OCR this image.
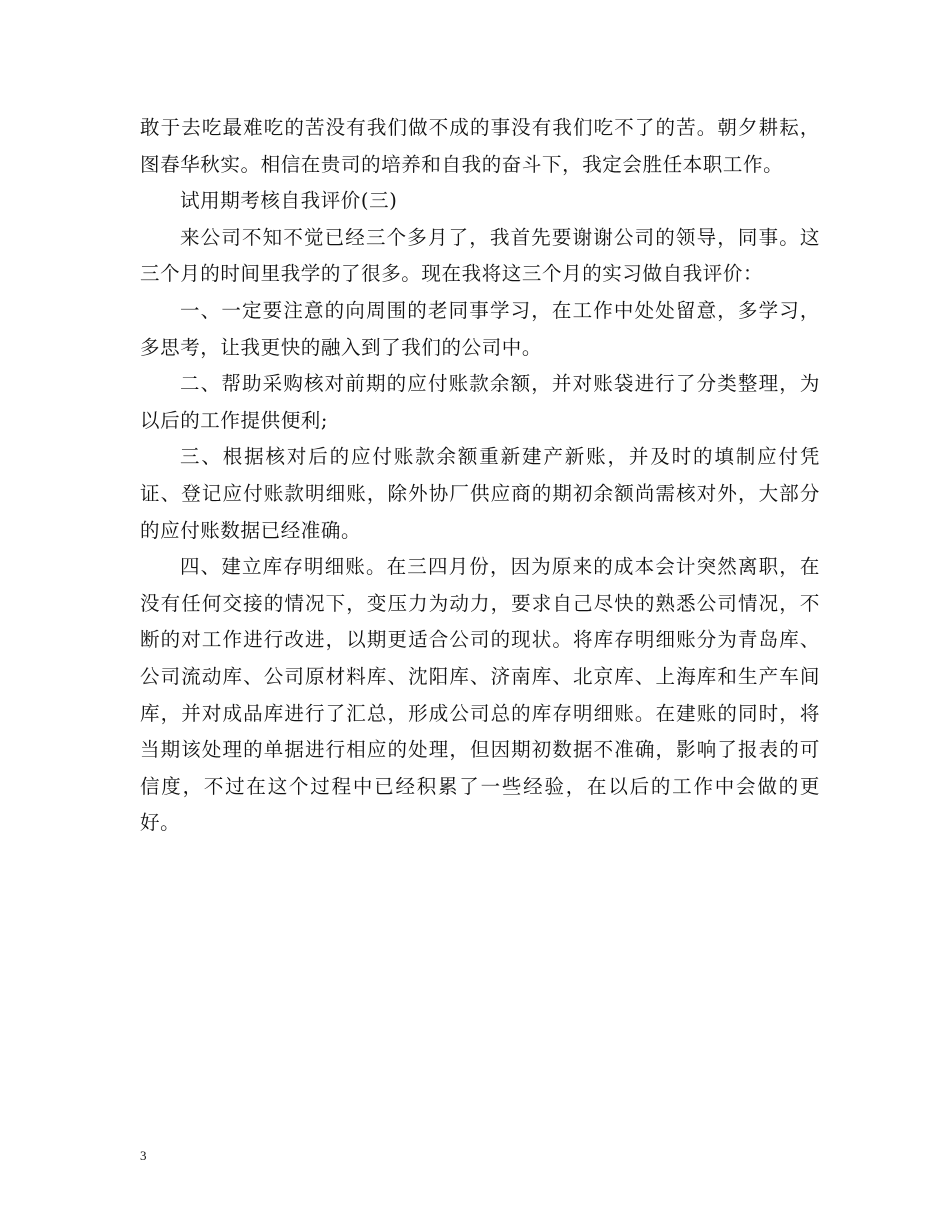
敢于去吃最难吃的苦没有我们做不成的事没有我们吃不了的苦。朝夕耕耘，图春华秋实。相信在贵司的培养和自我的奋斗下，我定会胜任本职工作。

试用期考核自我评价(三)

来公司不知不觉已经三个多月了，我首先要谢谢公司的领导，同事。这三个月的时间里我学的了很多。现在我将这三个月的实习做自我评价：

一、一定要注意的向周围的老同事学习，在工作中处处留意，多学习，多思考，让我更快的融入到了我们的公司中。

二、帮助采购核对前期的应付账款余额，并对账袋进行了分类整理，为以后的工作提供便利;

三、根据核对后的应付账款余额重新建产新账，并及时的填制应付凭证、登记应付账款明细账，除外协厂供应商的期初余额尚需核对外，大部分的应付账数据已经准确。

四、建立库存明细账。在三四月份，因为原来的成本会计突然离职，在没有任何交接的情况下，变压力为动力，要求自己尽快的熟悉公司情况，不断的对工作进行改进，以期更适合公司的现状。将库存明细账分为青岛库、公司流动库、公司原材料库、沈阳库、济南库、北京库、上海库和生产车间库，并对成品库进行了汇总，形成公司总的库存明细账。在建账的同时，将当期该处理的单据进行相应的处理，但因期初数据不准确，影响了报表的可信度，不过在这个过程中已经积累了一些经验，在以后的工作中会做的更好。

3
